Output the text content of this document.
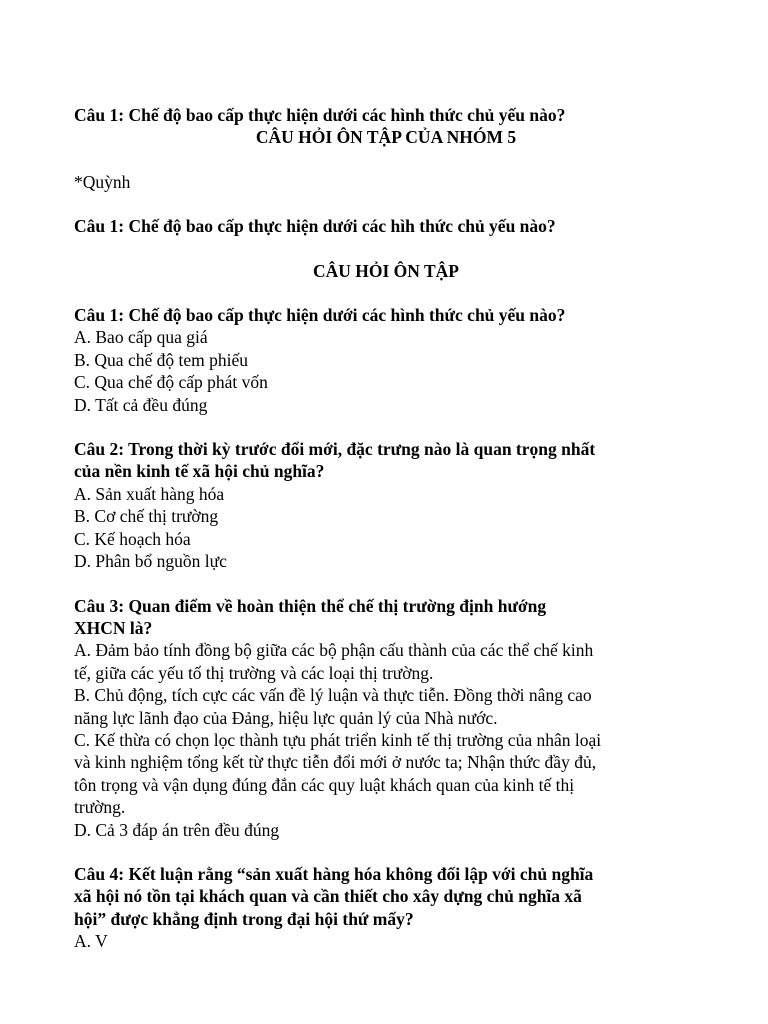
Câu 1: Chế độ bao cấp thực hiện dưới các hình thức chủ yếu nào?
CÂU HỎI ÔN TẬP CỦA NHÓM 5
*Quỳnh
Câu 1: Chế độ bao cấp thực hiện dưới các hìh thức chủ yếu nào?
CÂU HỎI ÔN TẬP
Câu 1: Chế độ bao cấp thực hiện dưới các hình thức chủ yếu nào?
A. Bao cấp qua giá
B. Qua chế độ tem phiếu
C. Qua chế độ cấp phát vốn
D. Tất cả đều đúng
Câu 2: Trong thời kỳ trước đổi mới, đặc trưng nào là quan trọng nhất
của nền kinh tế xã hội chủ nghĩa?
A. Sản xuất hàng hóa
B. Cơ chế thị trường
C. Kế hoạch hóa
D. Phân bổ nguồn lực
Câu 3: Quan điểm về hoàn thiện thể chế thị trường định hướng
XHCN là?
A. Đảm bảo tính đồng bộ giữa các bộ phận cấu thành của các thể chế kinh
tế, giữa các yếu tố thị trường và các loại thị trường.
B. Chủ động, tích cực các vấn đề lý luận và thực tiễn. Đồng thời nâng cao
năng lực lãnh đạo của Đảng, hiệu lực quản lý của Nhà nước.
C. Kế thừa có chọn lọc thành tựu phát triển kinh tế thị trường của nhân loại
và kinh nghiệm tổng kết từ thực tiễn đổi mới ở nước ta; Nhận thức đầy đủ,
tôn trọng và vận dụng đúng đắn các quy luật khách quan của kinh tế thị
trường.
D. Cả 3 đáp án trên đều đúng
Câu 4: Kết luận rằng “sản xuất hàng hóa không đối lập với chủ nghĩa
xã hội nó tồn tại khách quan và cần thiết cho xây dựng chủ nghĩa xã
hội” được khẳng định trong đại hội thứ mấy?
A. V
